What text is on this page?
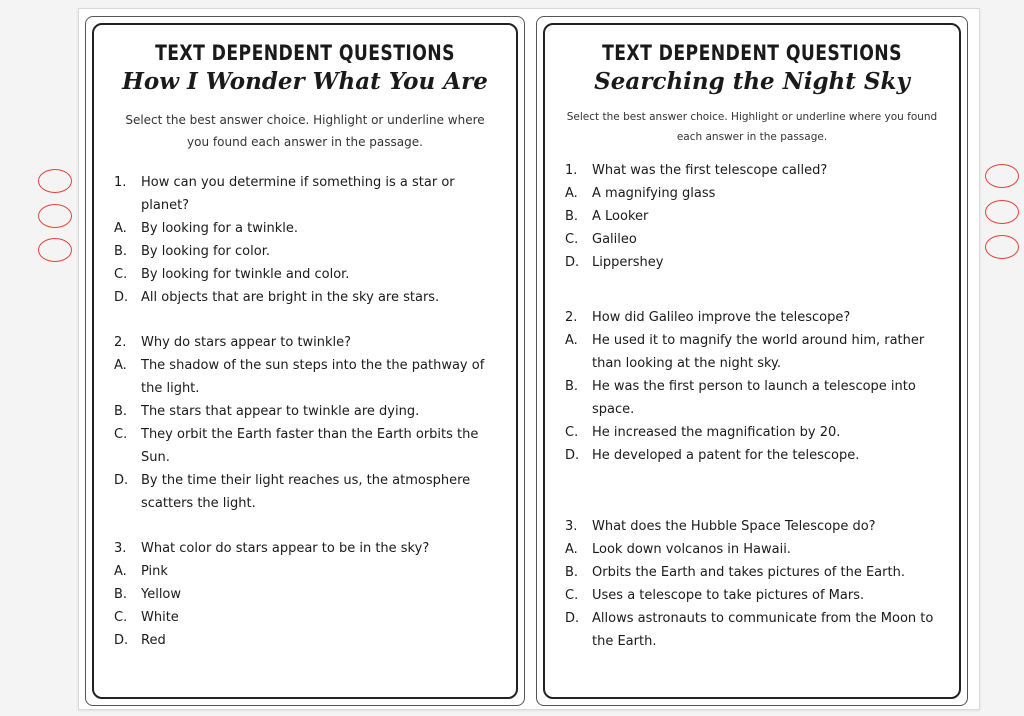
TEXT DEPENDENT QUESTIONS
How I Wonder What You Are
Select the best answer choice. Highlight or underline where you found each answer in the passage.
1.	How can you determine if something is a star or planet?
A.	By looking for a twinkle.
B.	By looking for color.
C.	By looking for twinkle and color.
D. All objects that are bright in the sky are stars.
2.	Why do stars appear to twinkle?
A.	The shadow of the sun steps into the the pathway of the light.
B.	The stars that appear to twinkle are dying.
C.	They orbit the Earth faster than the Earth orbits the Sun.
D. By the time their light reaches us, the atmosphere scatters the light.
3.	What color do stars appear to be in the sky?
A.	Pink
B.	Yellow
C.	White
D. Red
TEXT DEPENDENT QUESTIONS
Searching the Night Sky
Select the best answer choice. Highlight or underline where you found each answer in the passage.
1.	What was the first telescope called?
A.	A magnifying glass
B.	A Looker
C.	Galileo
D. Lippershey
2.	How did Galileo improve the telescope?
A.	He used it to magnify the world around him, rather than looking at the night sky.
B.	He was the first person to launch a telescope into space.
C.	He increased the magnification by 20.
D. He developed a patent for the telescope.
3.	What does the Hubble Space Telescope do?
A.	Look down volcanos in Hawaii.
B.	Orbits the Earth and takes pictures of the Earth.
C.	Uses a telescope to take pictures of Mars.
D. Allows astronauts to communicate from the Moon to the Earth.
